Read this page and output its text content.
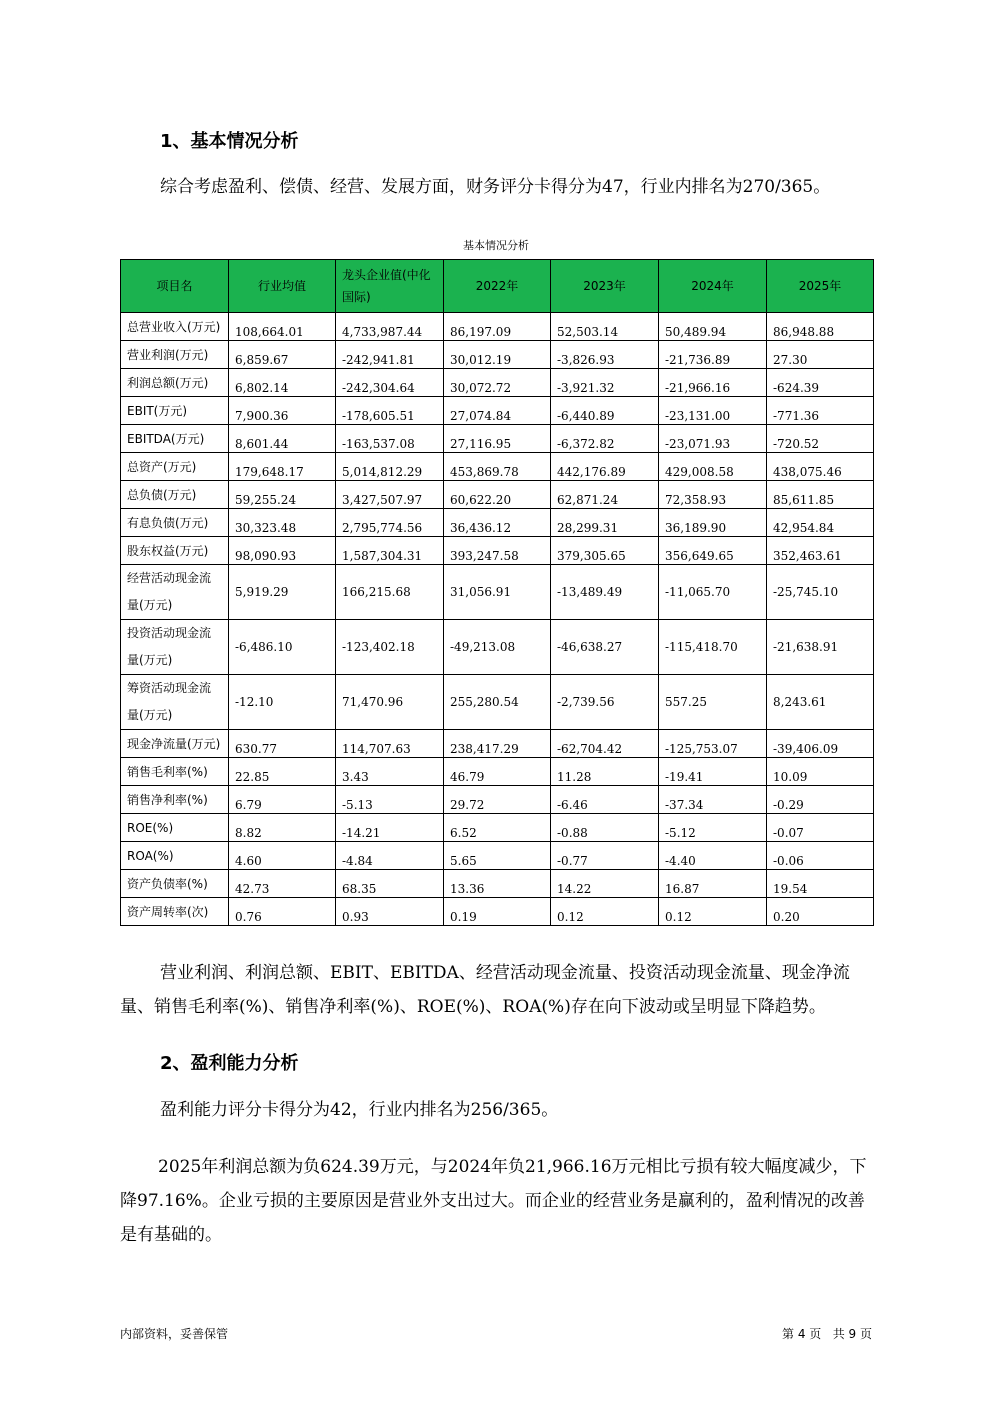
1、基本情况分析
综合考虑盈利、偿债、经营、发展方面，财务评分卡得分为47，行业内排名为270/365。
基本情况分析
项目名	行业均值	龙头企业值(中化国际)	2022年	2023年	2024年	2025年
总营业收入(万元)	108,664.01	4,733,987.44	86,197.09	52,503.14	50,489.94	86,948.88
营业利润(万元)	6,859.67	-242,941.81	30,012.19	-3,826.93	-21,736.89	27.30
利润总额(万元)	6,802.14	-242,304.64	30,072.72	-3,921.32	-21,966.16	-624.39
EBIT(万元)	7,900.36	-178,605.51	27,074.84	-6,440.89	-23,131.00	-771.36
EBITDA(万元)	8,601.44	-163,537.08	27,116.95	-6,372.82	-23,071.93	-720.52
总资产(万元)	179,648.17	5,014,812.29	453,869.78	442,176.89	429,008.58	438,075.46
总负债(万元)	59,255.24	3,427,507.97	60,622.20	62,871.24	72,358.93	85,611.85
有息负债(万元)	30,323.48	2,795,774.56	36,436.12	28,299.31	36,189.90	42,954.84
股东权益(万元)	98,090.93	1,587,304.31	393,247.58	379,305.65	356,649.65	352,463.61
经营活动现金流量(万元)	5,919.29	166,215.68	31,056.91	-13,489.49	-11,065.70	-25,745.10
投资活动现金流量(万元)	-6,486.10	-123,402.18	-49,213.08	-46,638.27	-115,418.70	-21,638.91
筹资活动现金流量(万元)	-12.10	71,470.96	255,280.54	-2,739.56	557.25	8,243.61
现金净流量(万元)	630.77	114,707.63	238,417.29	-62,704.42	-125,753.07	-39,406.09
销售毛利率(%)	22.85	3.43	46.79	11.28	-19.41	10.09
销售净利率(%)	6.79	-5.13	29.72	-6.46	-37.34	-0.29
ROE(%)	8.82	-14.21	6.52	-0.88	-5.12	-0.07
ROA(%)	4.60	-4.84	5.65	-0.77	-4.40	-0.06
资产负债率(%)	42.73	68.35	13.36	14.22	16.87	19.54
资产周转率(次)	0.76	0.93	0.19	0.12	0.12	0.20
营业利润、利润总额、EBIT、EBITDA、经营活动现金流量、投资活动现金流量、现金净流量、销售毛利率(%)、销售净利率(%)、ROE(%)、ROA(%)存在向下波动或呈明显下降趋势。
2、盈利能力分析
盈利能力评分卡得分为42，行业内排名为256/365。
2025年利润总额为负624.39万元，与2024年负21,966.16万元相比亏损有较大幅度减少，下降97.16%。企业亏损的主要原因是营业外支出过大。而企业的经营业务是赢利的，盈利情况的改善是有基础的。
内部资料，妥善保管	第 4 页   共 9 页
